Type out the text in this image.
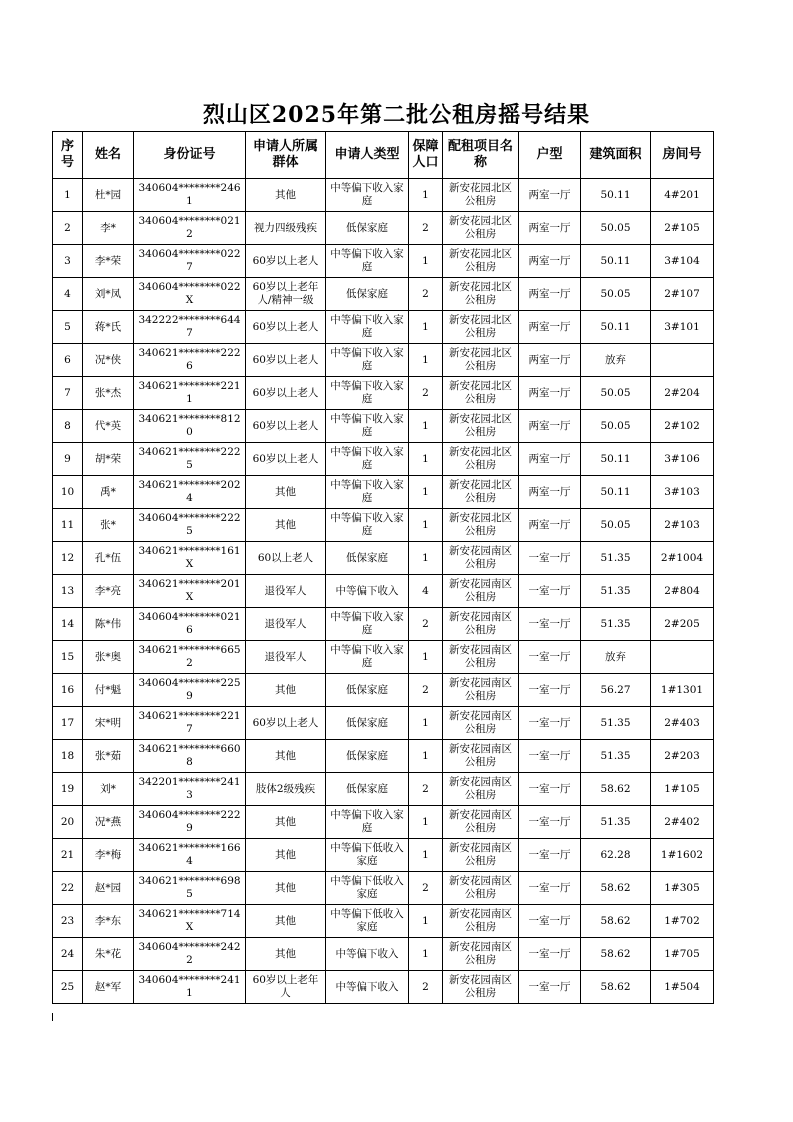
烈山区2025年第二批公租房摇号结果
序号	姓名	身份证号	申请人所属群体	申请人类型	保障人口	配租项目名称	户型	建筑面积	房间号
1	杜*园	340604********2461	其他	中等偏下收入家庭	1	新安花园北区公租房	两室一厅	50.11	4#201
2	李*	340604********0212	视力四级残疾	低保家庭	2	新安花园北区公租房	两室一厅	50.05	2#105
3	李*荣	340604********0227	60岁以上老人	中等偏下收入家庭	1	新安花园北区公租房	两室一厅	50.11	3#104
4	刘*凤	340604********022X	60岁以上老年人/精神一级	低保家庭	2	新安花园北区公租房	两室一厅	50.05	2#107
5	蒋*氏	342222********6447	60岁以上老人	中等偏下收入家庭	1	新安花园北区公租房	两室一厅	50.11	3#101
6	况*侠	340621********2226	60岁以上老人	中等偏下收入家庭	1	新安花园北区公租房	两室一厅	放弃	
7	张*杰	340621********2211	60岁以上老人	中等偏下收入家庭	2	新安花园北区公租房	两室一厅	50.05	2#204
8	代*英	340621********8120	60岁以上老人	中等偏下收入家庭	1	新安花园北区公租房	两室一厅	50.05	2#102
9	胡*荣	340621********2225	60岁以上老人	中等偏下收入家庭	1	新安花园北区公租房	两室一厅	50.11	3#106
10	禹*	340621********2024	其他	中等偏下收入家庭	1	新安花园北区公租房	两室一厅	50.11	3#103
11	张*	340604********2225	其他	中等偏下收入家庭	1	新安花园北区公租房	两室一厅	50.05	2#103
12	孔*伍	340621********161X	60以上老人	低保家庭	1	新安花园南区公租房	一室一厅	51.35	2#1004
13	李*亮	340621********201X	退役军人	中等偏下收入	4	新安花园南区公租房	一室一厅	51.35	2#804
14	陈*伟	340604********0216	退役军人	中等偏下收入家庭	2	新安花园南区公租房	一室一厅	51.35	2#205
15	张*奥	340621********6652	退役军人	中等偏下收入家庭	1	新安花园南区公租房	一室一厅	放弃	
16	付*魁	340604********2259	其他	低保家庭	2	新安花园南区公租房	一室一厅	56.27	1#1301
17	宋*明	340621********2217	60岁以上老人	低保家庭	1	新安花园南区公租房	一室一厅	51.35	2#403
18	张*茹	340621********6608	其他	低保家庭	1	新安花园南区公租房	一室一厅	51.35	2#203
19	刘*	342201********2413	肢体2级残疾	低保家庭	2	新安花园南区公租房	一室一厅	58.62	1#105
20	况*燕	340604********2229	其他	中等偏下收入家庭	1	新安花园南区公租房	一室一厅	51.35	2#402
21	李*梅	340621********1664	其他	中等偏下低收入家庭	1	新安花园南区公租房	一室一厅	62.28	1#1602
22	赵*园	340621********6985	其他	中等偏下低收入家庭	2	新安花园南区公租房	一室一厅	58.62	1#305
23	李*东	340621********714X	其他	中等偏下低收入家庭	1	新安花园南区公租房	一室一厅	58.62	1#702
24	朱*花	340604********2422	其他	中等偏下收入	1	新安花园南区公租房	一室一厅	58.62	1#705
25	赵*军	340604********2411	60岁以上老年人	中等偏下收入	2	新安花园南区公租房	一室一厅	58.62	1#504
